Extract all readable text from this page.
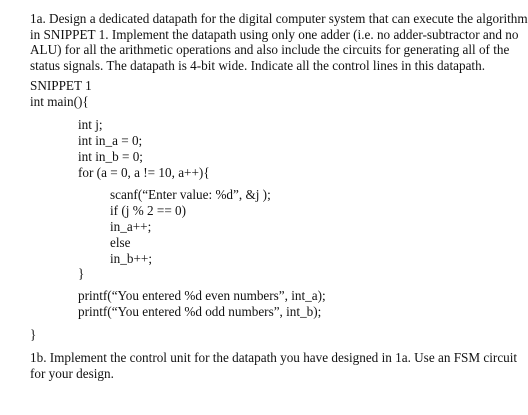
1a. Design a dedicated datapath for the digital computer system that can execute the algorithm
in SNIPPET 1. Implement the datapath using only one adder (i.e. no adder-subtractor and no
ALU) for all the arithmetic operations and also include the circuits for generating all of the
status signals. The datapath is 4-bit wide. Indicate all the control lines in this datapath.
SNIPPET 1
int main(){
int j;
int in_a = 0;
int in_b = 0;
for (a = 0, a != 10, a++){
scanf(“Enter value: %d”, &j );
if (j % 2 == 0)
in_a++;
else
in_b++;
}
printf(“You entered %d even numbers”, int_a);
printf(“You entered %d odd numbers”, int_b);
}
1b. Implement the control unit for the datapath you have designed in 1a. Use an FSM circuit
for your design.
